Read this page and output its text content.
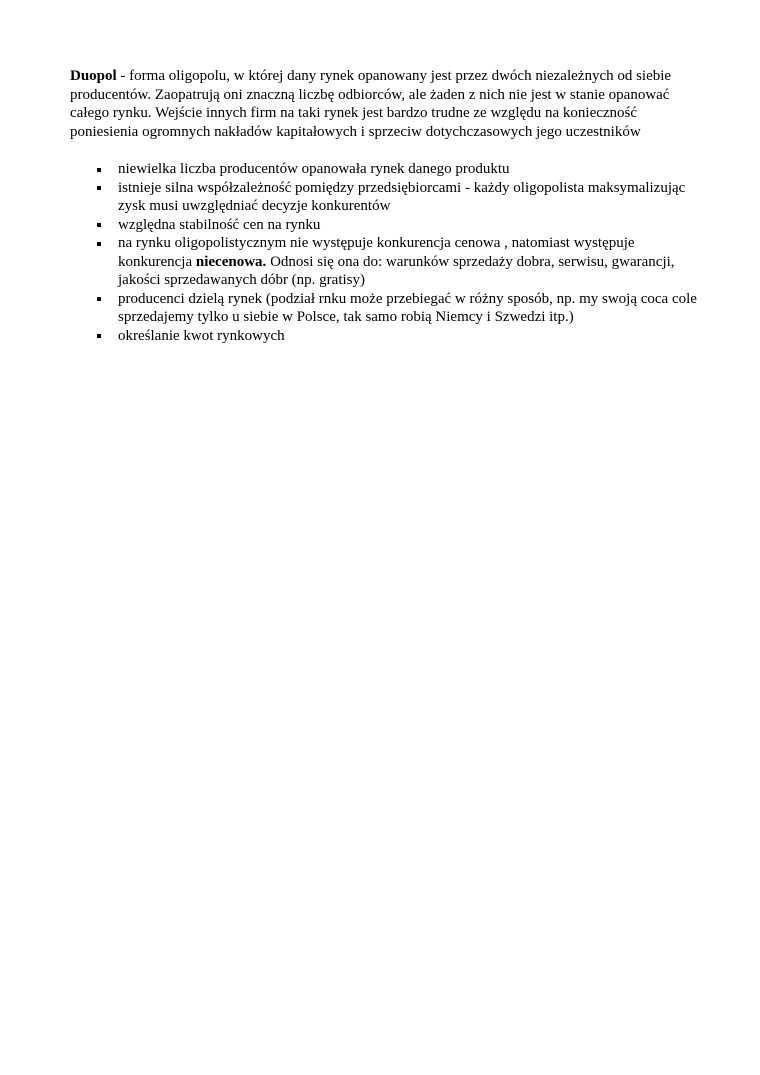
Duopol - forma oligopolu, w której dany rynek opanowany jest przez dwóch niezależnych od siebie producentów. Zaopatrują oni znaczną liczbę odbiorców, ale żaden z nich nie jest w stanie opanować całego rynku. Wejście innych firm na taki rynek jest bardzo trudne ze względu na konieczność poniesienia ogromnych nakładów kapitałowych i sprzeciw dotychczasowych jego uczestników

niewielka liczba producentów opanowała rynek danego produktu
istnieje silna współzależność pomiędzy przedsiębiorcami - każdy oligopolista maksymalizując zysk musi uwzględniać decyzje konkurentów
względna stabilność cen na rynku
na rynku oligopolistycznym nie występuje konkurencja cenowa , natomiast występuje konkurencja niecenowa. Odnosi się ona do: warunków sprzedaży dobra, serwisu, gwarancji, jakości sprzedawanych dóbr (np. gratisy)
producenci dzielą rynek (podział rnku może przebiegać w różny sposób, np. my swoją coca cole sprzedajemy tylko u siebie w Polsce, tak samo robią Niemcy i Szwedzi itp.)
określanie kwot rynkowych
